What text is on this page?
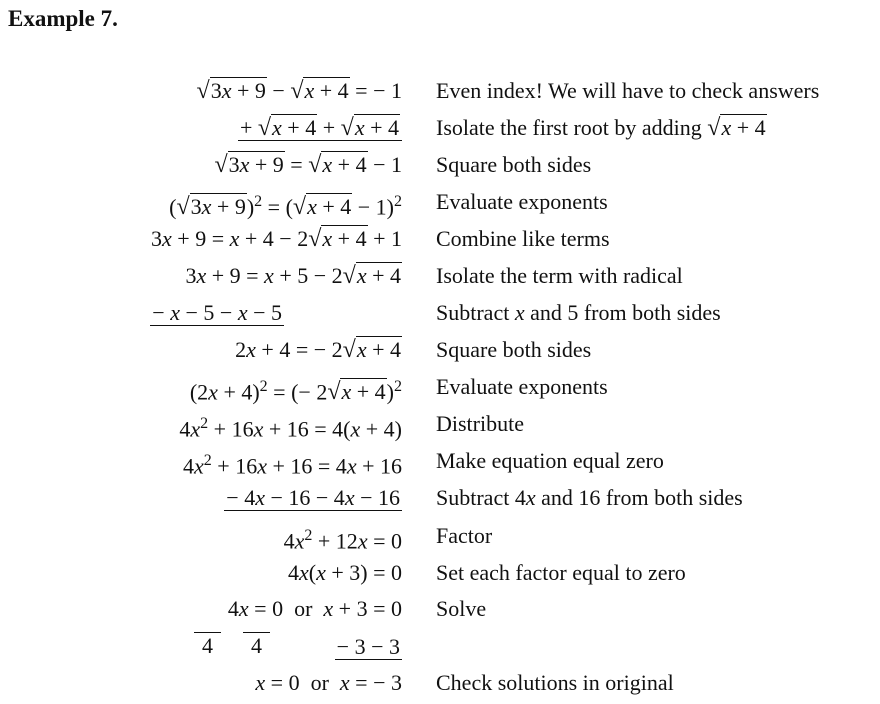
Example 7.
√3x + 9 − √x + 4 = − 1 Even index! We will have to check answers
+ √x + 4 + √x + 4 Isolate the first root by adding √x + 4
√3x + 9 = √x + 4 − 1 Square both sides
$(√3x + 9)^2 = (√x + 4 - 1)^2$ Evaluate exponents
3x + 9 = x + 4 − 2√x + 4 + 1 Combine like terms
3x + 9 = x + 5 − 2√x + 4 Isolate the term with radical
− x − 5 − x − 5	Subtract x and 5 from both sides
2x + 4 = − 2√x + 4 Square both sides
$(2x + 4)^2$ = (− 2√x + 4)$^2$ Evaluate exponents
$4x^2 + 16x + 16 = 4(x + 4)$ Distribute
$4x^2 + 16x + 16 = 4x + 16$ Make equation equal zero
− 4x − 16 − 4x − 16 Subtract 4x and 16 from both sides
$4x^2 + 12x = 0$ Factor
4x(x + 3) = 0 Set each factor equal to zero
4x = 0  or  x + 3 = 0 Solve
4 4	− 3 − 3
x = 0  or  x = − 3 Check solutions in original
